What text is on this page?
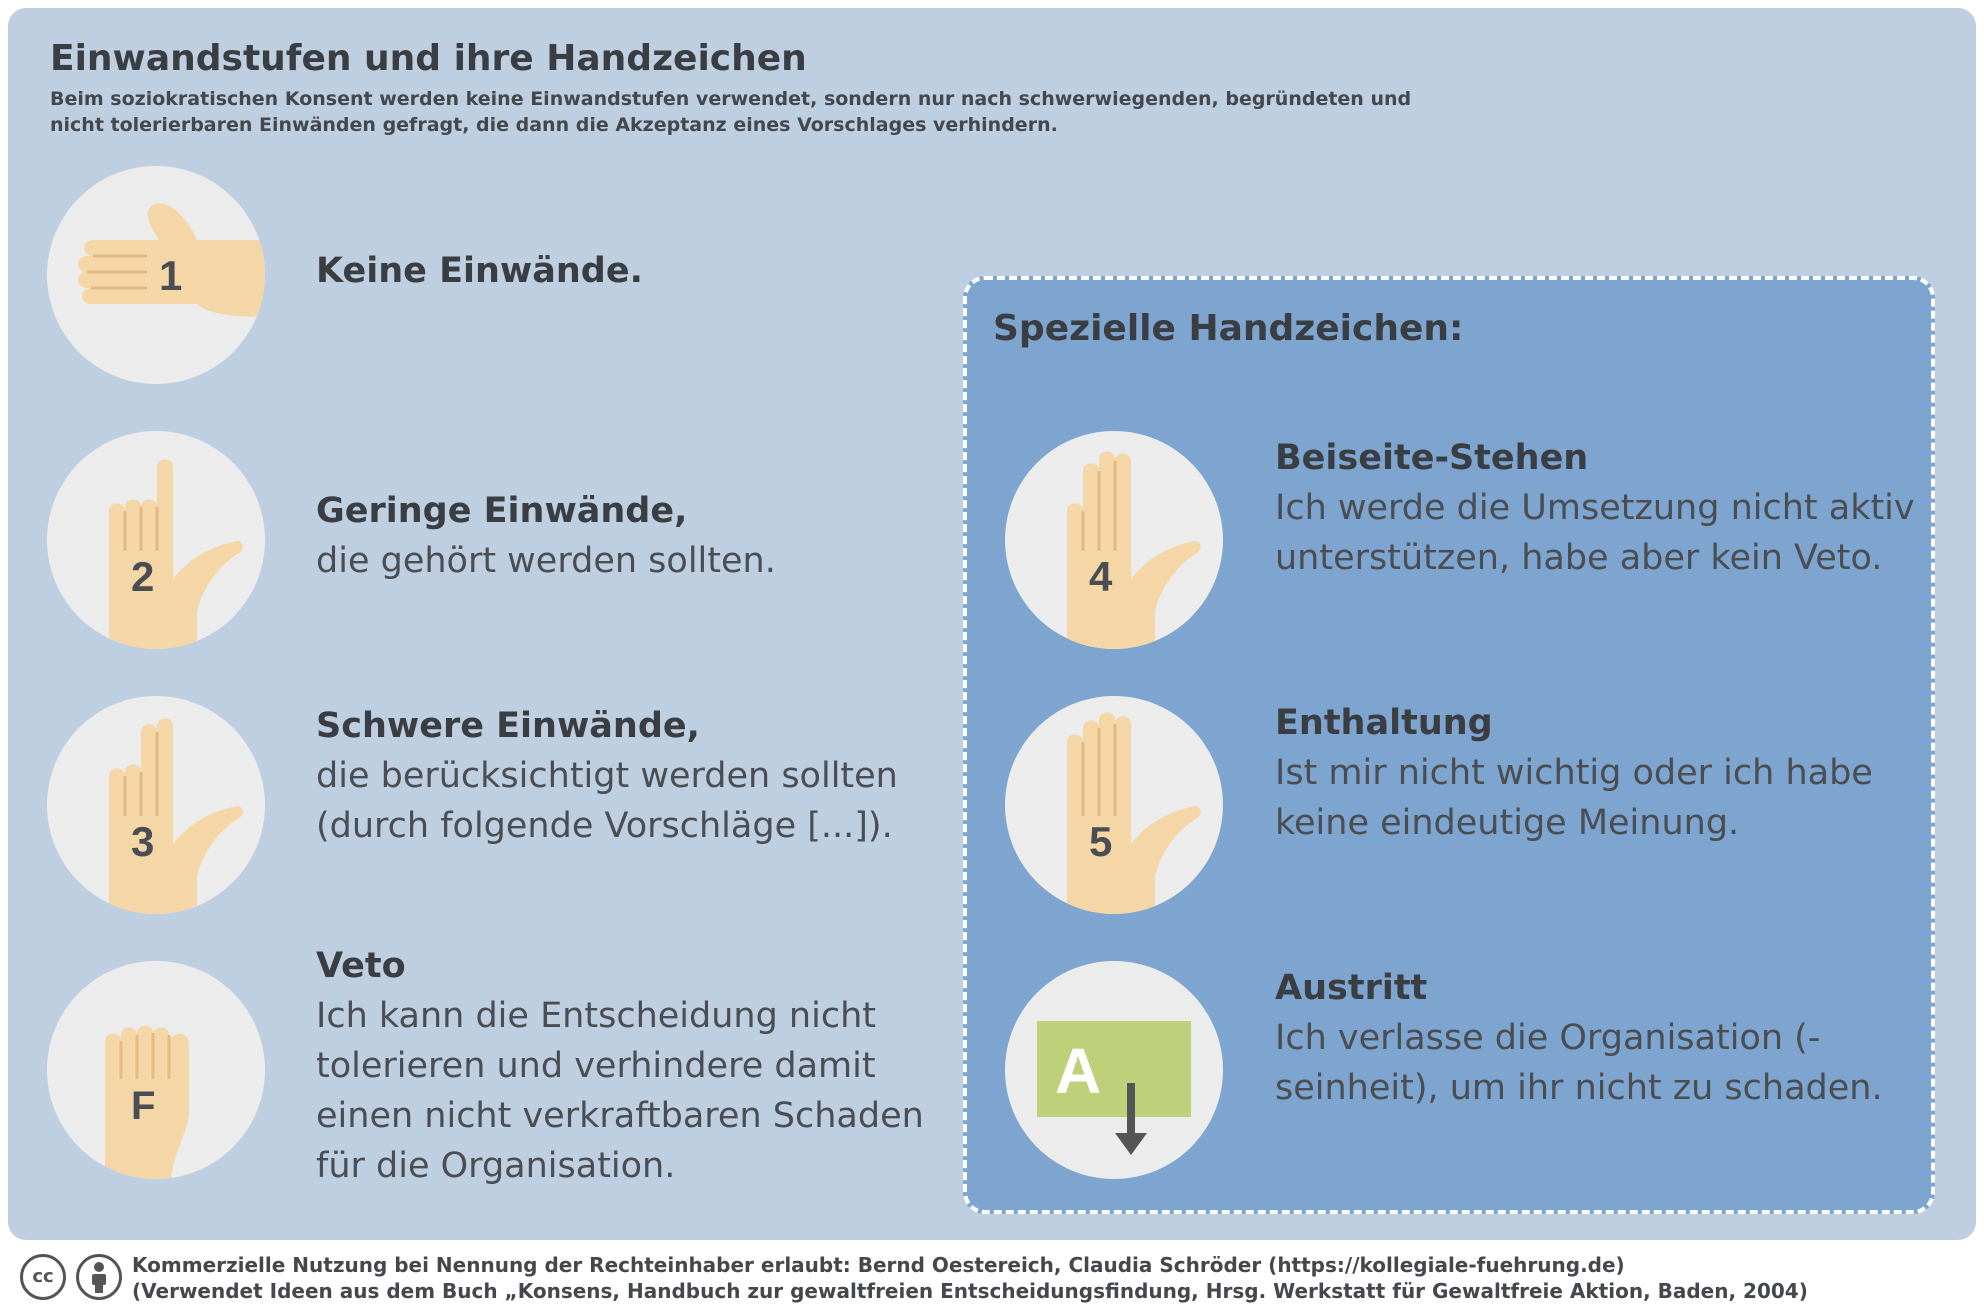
Einwandstufen und ihre Handzeichen

Beim soziokratischen Konsent werden keine Einwandstufen verwendet, sondern nur nach schwerwiegenden, begründeten und nicht tolerierbaren Einwänden gefragt, die dann die Akzeptanz eines Vorschlages verhindern.

1	Keine Einwände.
2
Geringe Einwände,
die gehört werden sollten.
3
Schwere Einwände,
die berücksichtigt werden sollten (durch folgende Vorschläge [...]).
F
Veto
Ich kann die Entscheidung nicht tolerieren und verhindere damit einen nicht verkraftbaren Schaden für die Organisation.
Spezielle Handzeichen:
4
Beiseite-Stehen
Ich werde die Umsetzung nicht aktiv unterstützen, habe aber kein Veto.
5
Enthaltung
Ist mir nicht wichtig oder ich habe keine eindeutige Meinung.
A
Austritt
Ich verlasse die Organisation (-seinheit), um ihr nicht zu schaden.
cc	Kommerzielle Nutzung bei Nennung der Rechteinhaber erlaubt: Bernd Oestereich, Claudia Schröder (https://kollegiale-fuehrung.de)
(Verwendet Ideen aus dem Buch „Konsens, Handbuch zur gewaltfreien Entscheidungsfindung, Hrsg. Werkstatt für Gewaltfreie Aktion, Baden, 2004)
